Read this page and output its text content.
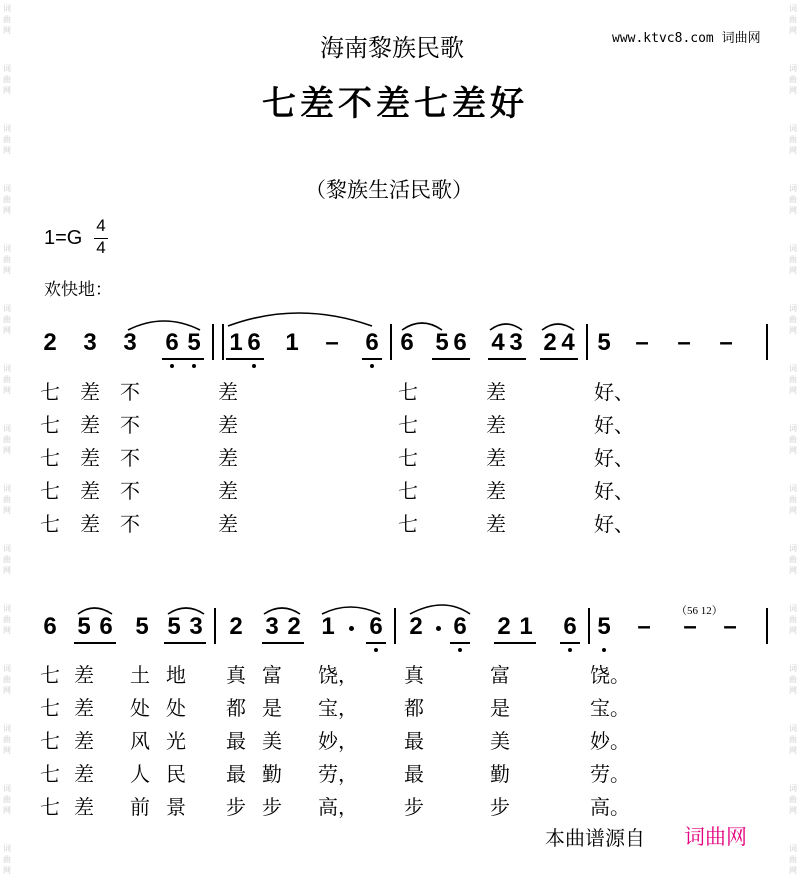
词
曲
网
词
曲
网
词
曲
网
词
曲
网
词
曲
网
词
曲
网
词
曲
网
词
曲
网
词
曲
网
词
曲
网
词
曲
网
词
曲
网
词
曲
网
词
曲
网
词
曲
网
词
曲
网
词
曲
网
词
曲
网
词
曲
网
词
曲
网
词
曲
网
词
曲
网
词
曲
网
词
曲
网
词
曲
网
词
曲
网
词
曲
网
词
曲
网
词
曲
网
词
曲
网
海南黎族民歌
七差不差七差好
www.ktvc8.com 词曲网
（黎族生活民歌）
1=G
4
4
欢快地：
2 3 3 6 5 1 6 1 – 6 6 5 6 4 3 2 4 5 – – –
七 差 不	差	七	差	好、
七 差 不	差	七	差	好、
七 差 不	差	七	差	好、
七 差 不	差	七	差	好、
七 差 不	差	七	差	好、
6 5 6 5 5 3 2 3 2 1 6 2 6 2 1 6 5 – – –
（56 12）
七 差 土 地 真 富 饶， 真	富	饶。
七 差 处 处 都 是 宝， 都	是	宝。
七 差 风 光 最 美 妙， 最	美	妙。
七 差 人 民 最 勤 劳， 最	勤	劳。
七 差 前 景 步 步 高， 步	步	高。
本曲谱源自 词曲网
